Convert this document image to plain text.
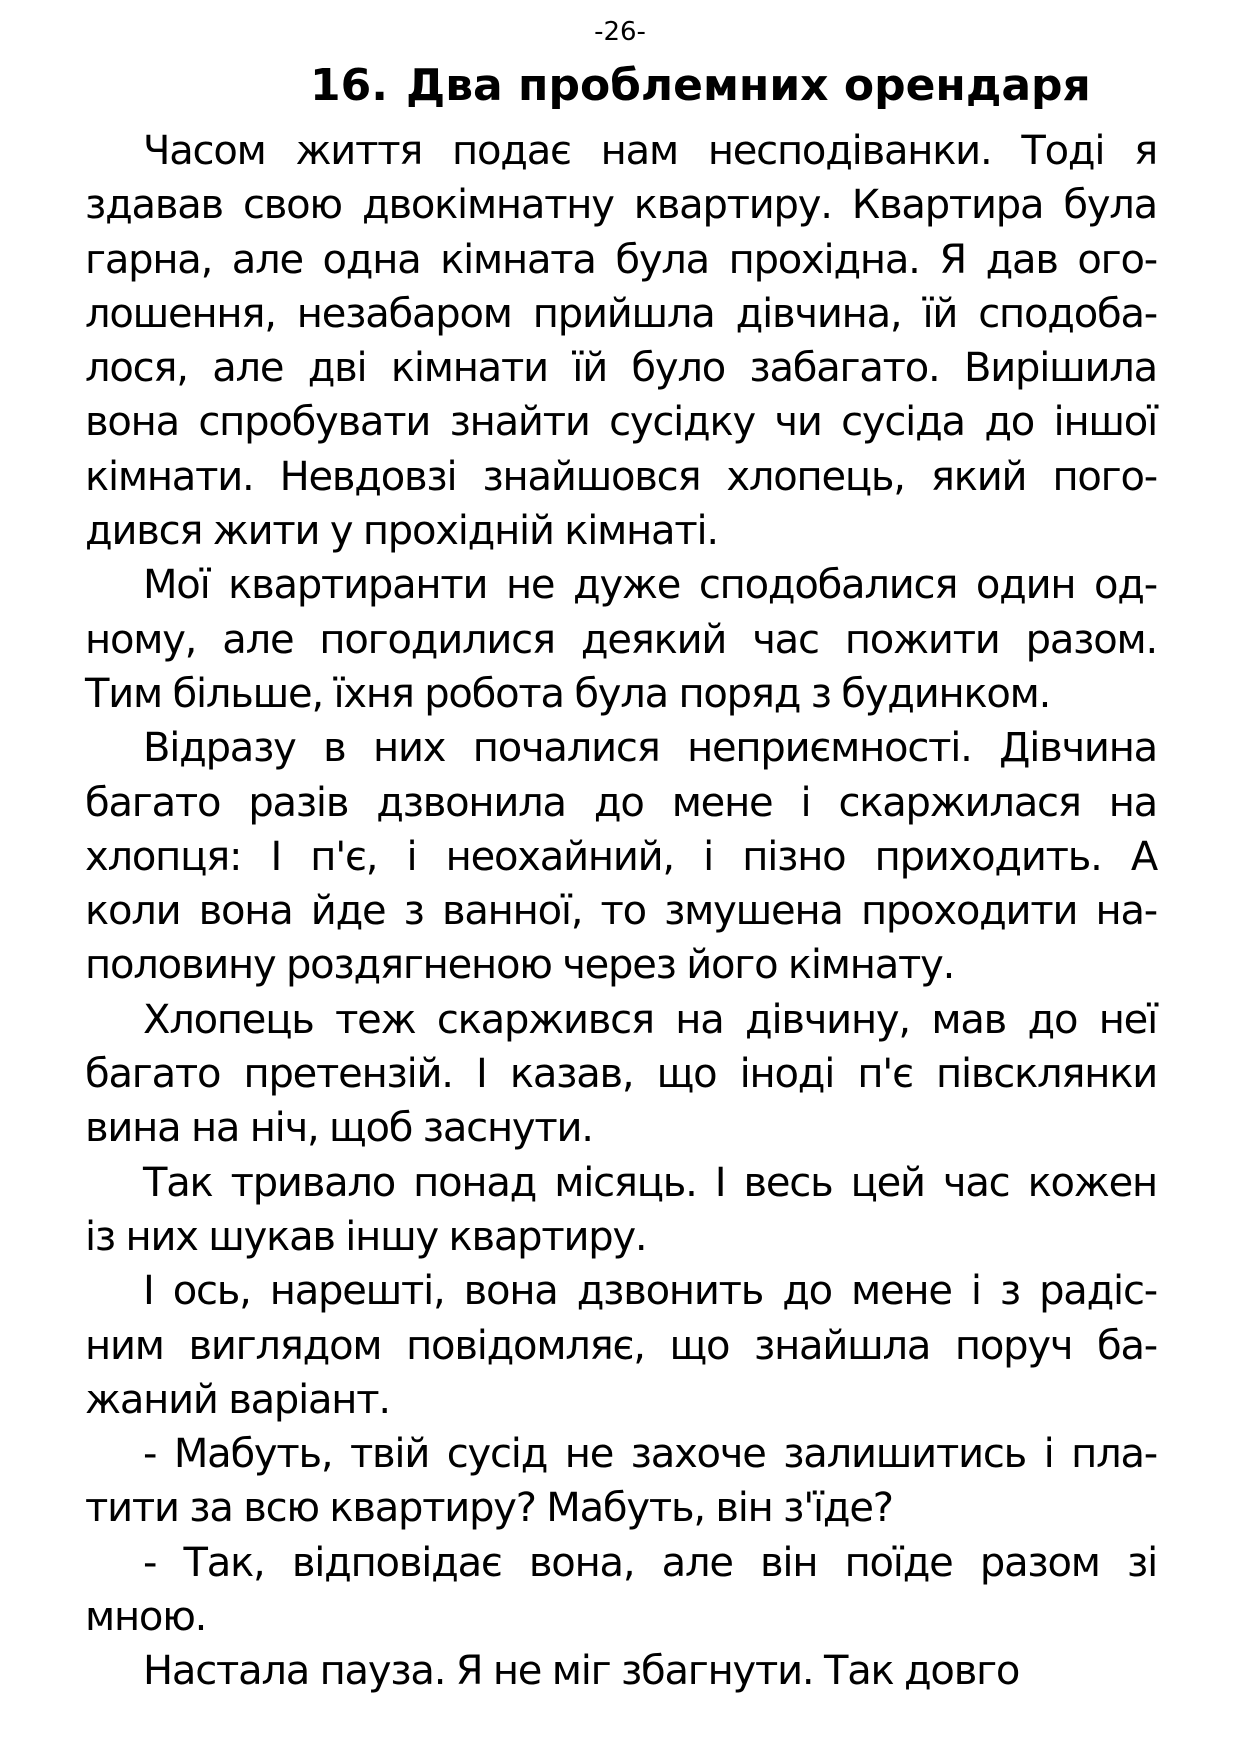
-26-
16. Два проблемних орендаря
Часом життя подає нам несподіванки. Тоді я
здавав свою двокімнатну квартиру. Квартира була
гарна, але одна кімната була прохідна. Я дав ого-
лошення, незабаром прийшла дівчина, їй сподоба-
лося, але дві кімнати їй було забагато. Вирішила
вона спробувати знайти сусідку чи сусіда до іншої
кімнати. Невдовзі знайшовся хлопець, який пого-
дився жити у прохідній кімнаті.
Мої квартиранти не дуже сподобалися один од-
ному, але погодилися деякий час пожити разом.
Тим більше, їхня робота була поряд з будинком.
Відразу в них почалися неприємності. Дівчина
багато разів дзвонила до мене і скаржилася на
хлопця: І п'є, і неохайний, і пізно приходить. А
коли вона йде з ванної, то змушена проходити на-
половину роздягненою через його кімнату.
Хлопець теж скаржився на дівчину, мав до неї
багато претензій. І казав, що іноді п'є півсклянки
вина на ніч, щоб заснути.
Так тривало понад місяць. І весь цей час кожен
із них шукав іншу квартиру.
І ось, нарешті, вона дзвонить до мене і з радіс-
ним виглядом повідомляє, що знайшла поруч ба-
жаний варіант.
- Мабуть, твій сусід не захоче залишитись і пла-
тити за всю квартиру? Мабуть, він з'їде?
- Так, відповідає вона, але він поїде разом зі
мною.
Настала пауза. Я не міг збагнути. Так довго
